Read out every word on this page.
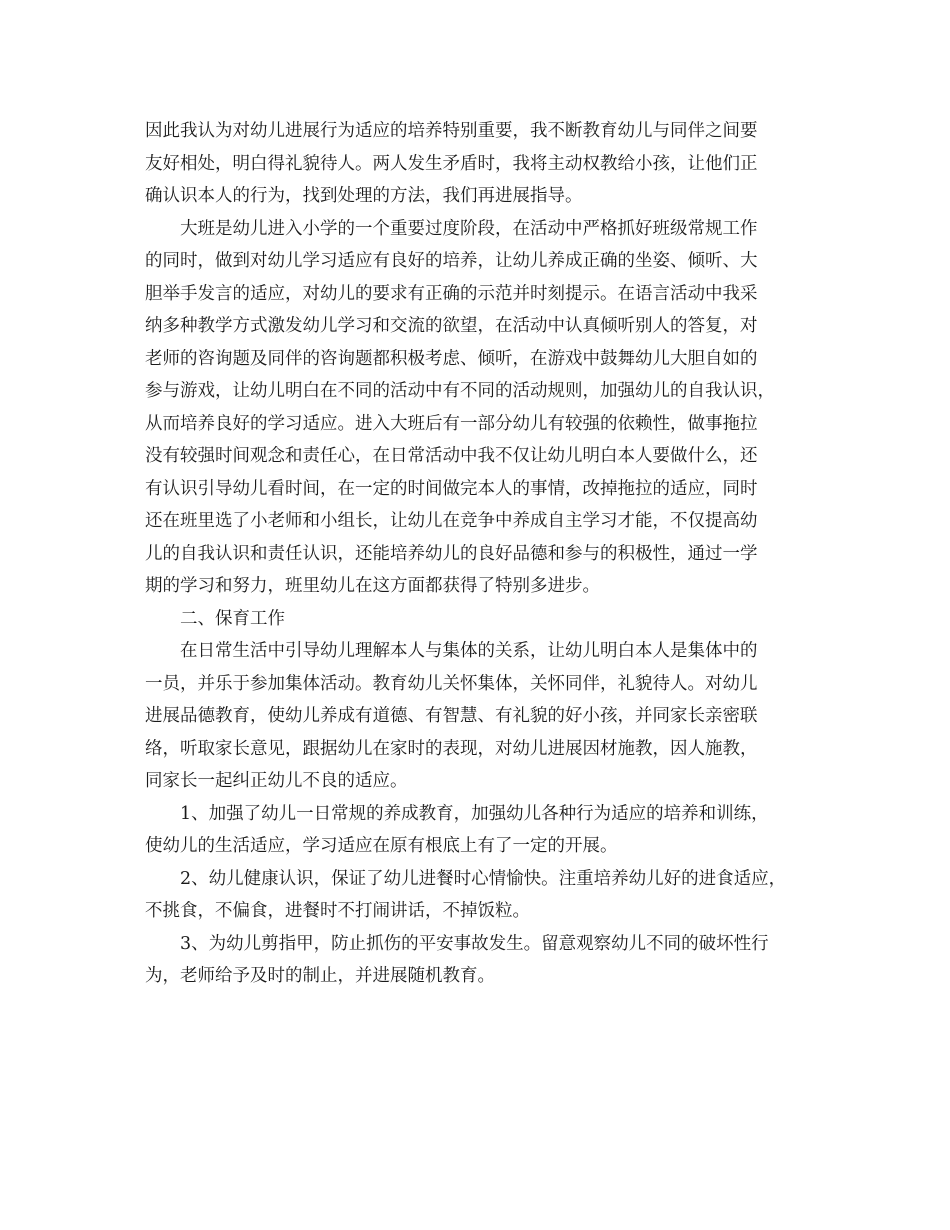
因此我认为对幼儿进展行为适应的培养特别重要，我不断教育幼儿与同伴之间要
友好相处，明白得礼貌待人。两人发生矛盾时，我将主动权教给小孩，让他们正
确认识本人的行为，找到处理的方法，我们再进展指导。
大班是幼儿进入小学的一个重要过度阶段，在活动中严格抓好班级常规工作
的同时，做到对幼儿学习适应有良好的培养，让幼儿养成正确的坐姿、倾听、大
胆举手发言的适应，对幼儿的要求有正确的示范并时刻提示。在语言活动中我采
纳多种教学方式激发幼儿学习和交流的欲望，在活动中认真倾听别人的答复，对
老师的咨询题及同伴的咨询题都积极考虑、倾听，在游戏中鼓舞幼儿大胆自如的
参与游戏，让幼儿明白在不同的活动中有不同的活动规则，加强幼儿的自我认识，
从而培养良好的学习适应。进入大班后有一部分幼儿有较强的依赖性，做事拖拉
没有较强时间观念和责任心，在日常活动中我不仅让幼儿明白本人要做什么，还
有认识引导幼儿看时间，在一定的时间做完本人的事情，改掉拖拉的适应，同时
还在班里选了小老师和小组长，让幼儿在竞争中养成自主学习才能，不仅提高幼
儿的自我认识和责任认识，还能培养幼儿的良好品德和参与的积极性，通过一学
期的学习和努力，班里幼儿在这方面都获得了特别多进步。
二、保育工作
在日常生活中引导幼儿理解本人与集体的关系，让幼儿明白本人是集体中的
一员，并乐于参加集体活动。教育幼儿关怀集体，关怀同伴，礼貌待人。对幼儿
进展品德教育，使幼儿养成有道德、有智慧、有礼貌的好小孩，并同家长亲密联
络，听取家长意见，跟据幼儿在家时的表现，对幼儿进展因材施教，因人施教，
同家长一起纠正幼儿不良的适应。
1、加强了幼儿一日常规的养成教育，加强幼儿各种行为适应的培养和训练，
使幼儿的生活适应，学习适应在原有根底上有了一定的开展。
2、幼儿健康认识，保证了幼儿进餐时心情愉快。注重培养幼儿好的进食适应，
不挑食，不偏食，进餐时不打闹讲话，不掉饭粒。
3、为幼儿剪指甲，防止抓伤的平安事故发生。留意观察幼儿不同的破坏性行
为，老师给予及时的制止，并进展随机教育。
